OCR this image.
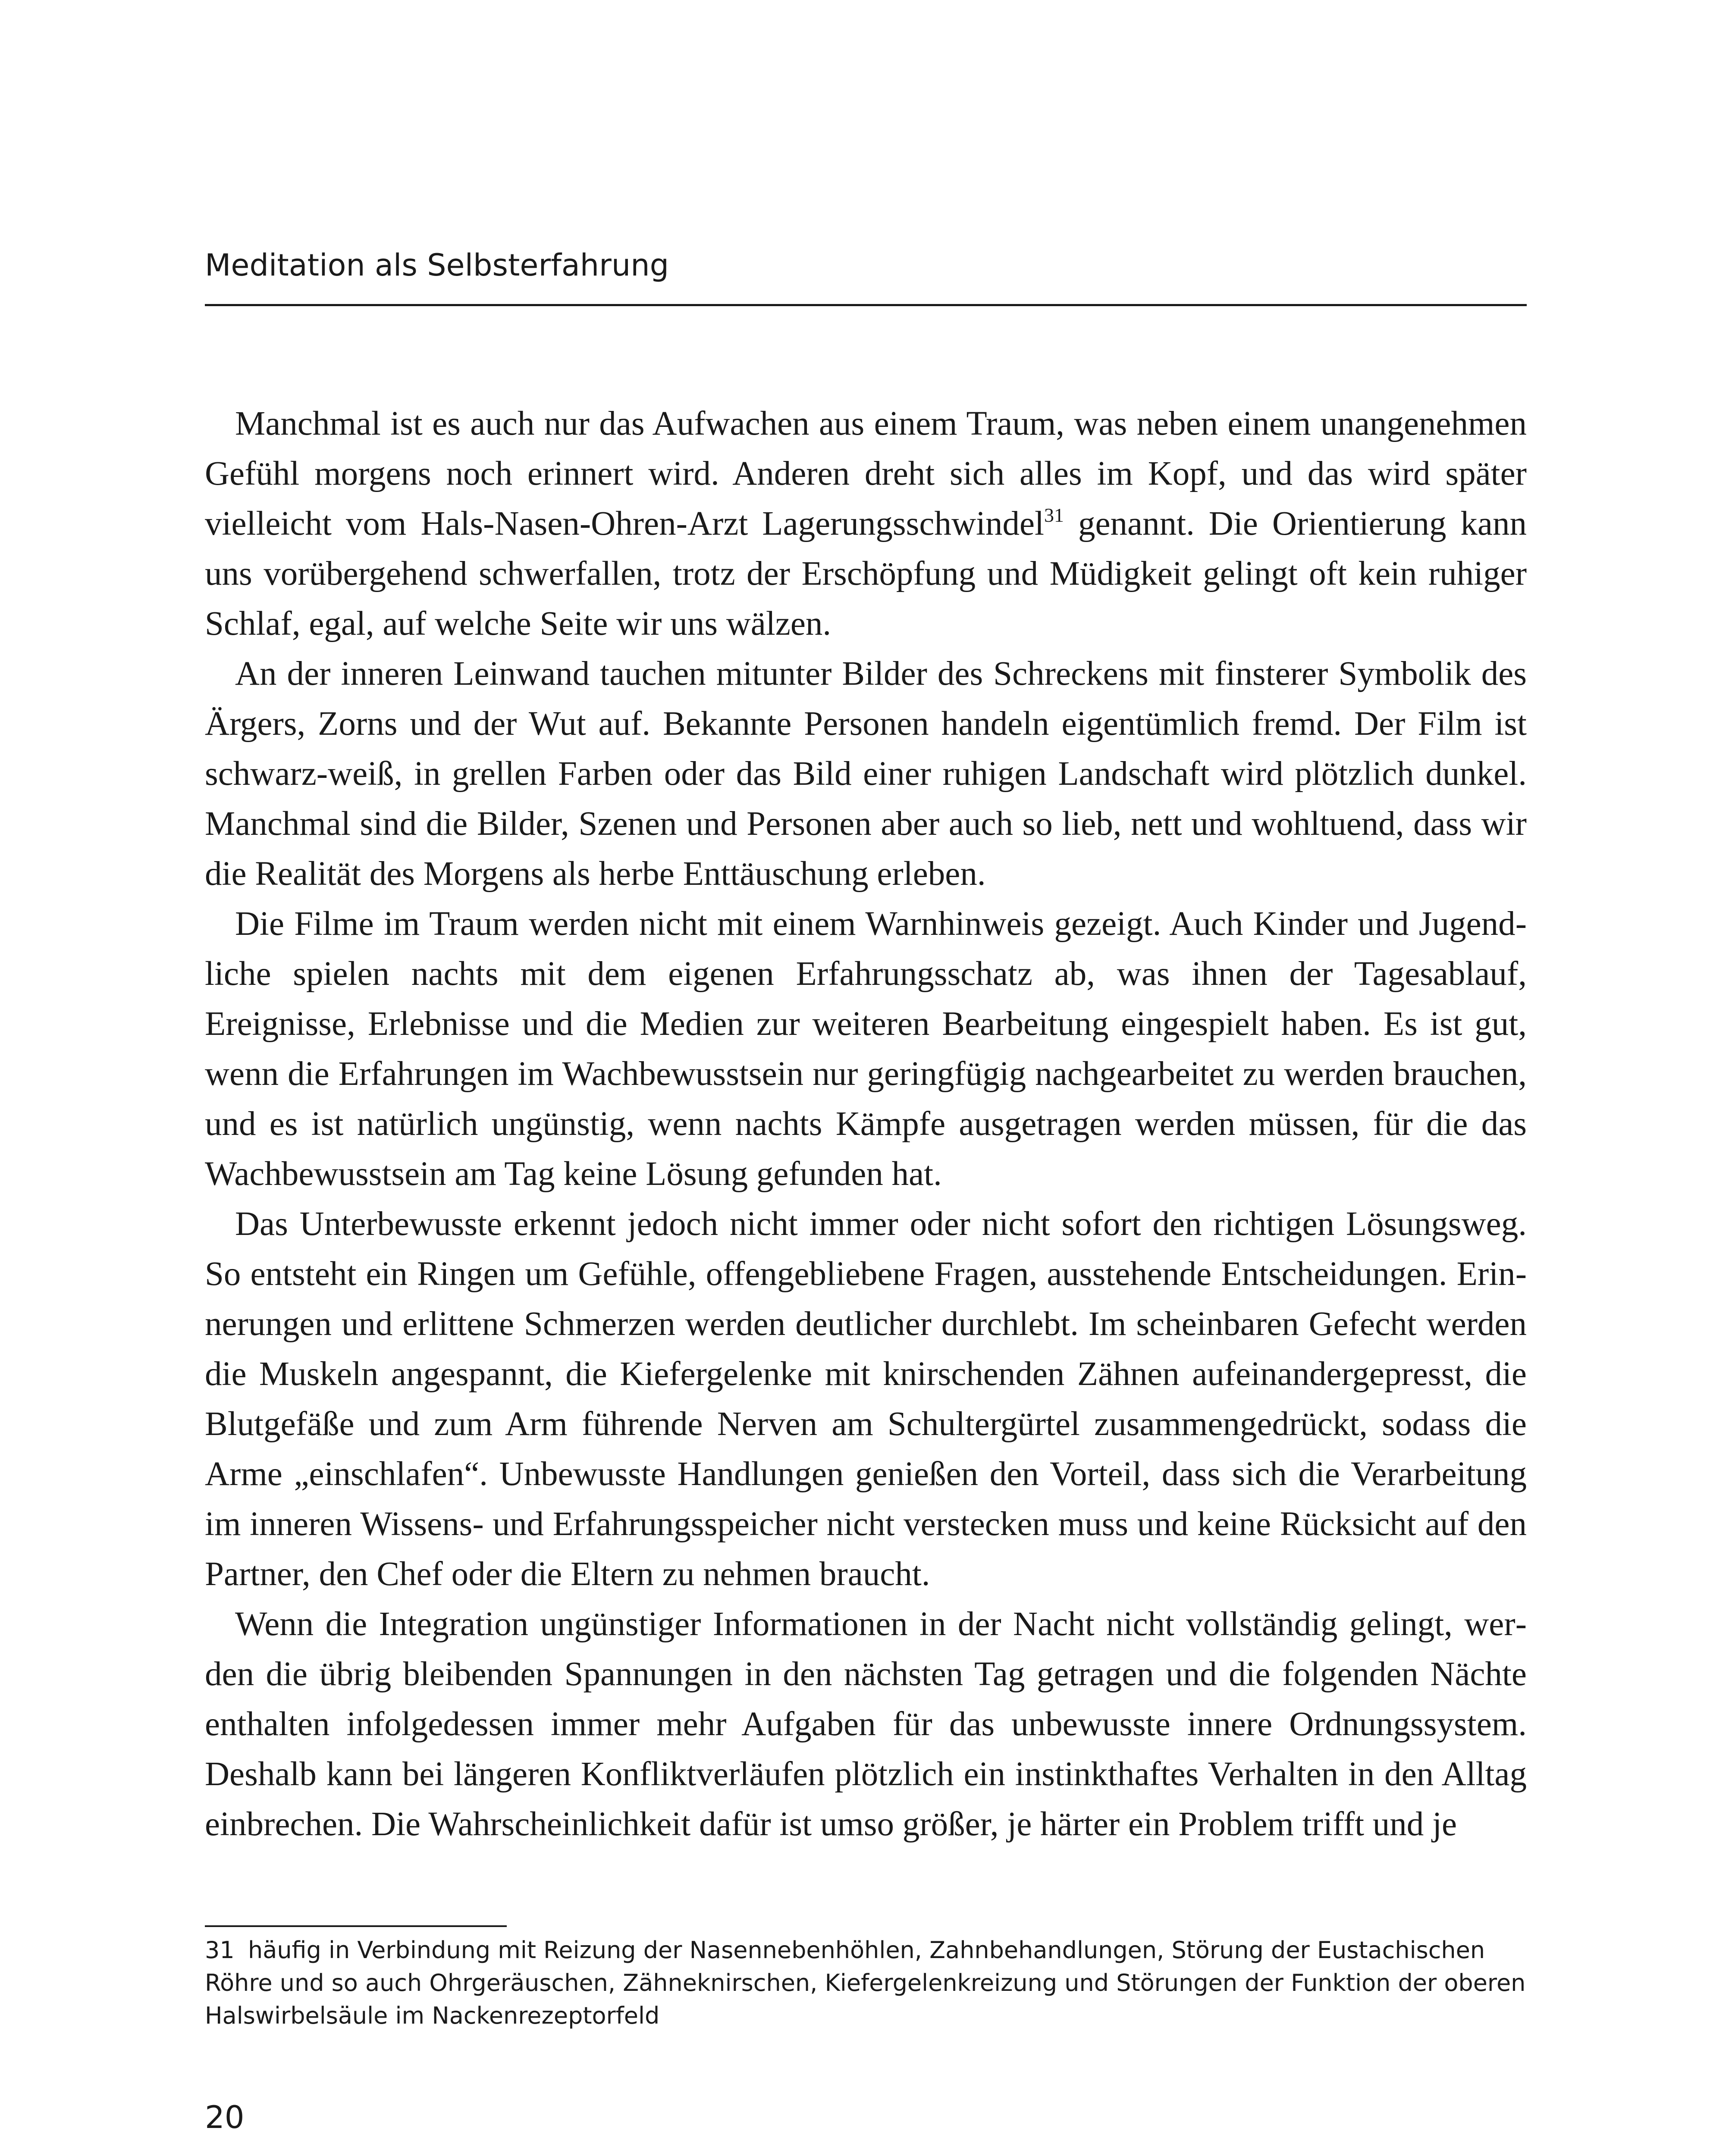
Meditation als Selbsterfahrung

Manchmal ist es auch nur das Aufwachen aus einem Traum, was neben einem unangenehmen Gefühl morgens noch erinnert wird. Anderen dreht sich alles im Kopf, und das wird später vielleicht vom Hals-Nasen-Ohren-Arzt Lagerungsschwindel$^{31}$ genannt. Die Orientierung kann uns vorübergehend schwerfallen, trotz der Erschöpfung und Müdigkeit gelingt oft kein ruhiger Schlaf, egal, auf welche Seite wir uns wälzen.

An der inneren Leinwand tauchen mitunter Bilder des Schreckens mit finsterer Symbolik des Ärgers, Zorns und der Wut auf. Bekannte Personen handeln eigentümlich fremd. Der Film ist schwarz-weiß, in grellen Farben oder das Bild einer ruhigen Landschaft wird plötzlich dunkel. Manchmal sind die Bilder, Szenen und Personen aber auch so lieb, nett und wohltuend, dass wir die Realität des Morgens als herbe Enttäuschung erleben.

Die Filme im Traum werden nicht mit einem Warnhinweis gezeigt. Auch Kinder und Jugendliche spielen nachts mit dem eigenen Erfahrungsschatz ab, was ihnen der Tagesablauf, Ereignisse, Erlebnisse und die Medien zur weiteren Bearbeitung eingespielt haben. Es ist gut, wenn die Erfahrungen im Wachbewusstsein nur geringfügig nachgearbeitet zu werden brauchen, und es ist natürlich ungünstig, wenn nachts Kämpfe ausgetragen werden müssen, für die das Wachbewusstsein am Tag keine Lösung gefunden hat.

Das Unterbewusste erkennt jedoch nicht immer oder nicht sofort den richtigen Lösungsweg. So entsteht ein Ringen um Gefühle, offengebliebene Fragen, ausstehende Entscheidungen. Erinnerungen und erlittene Schmerzen werden deutlicher durchlebt. Im scheinbaren Gefecht werden die Muskeln angespannt, die Kiefergelenke mit knirschenden Zähnen aufeinandergepresst, die Blutgefäße und zum Arm führende Nerven am Schultergürtel zusammengedrückt, sodass die Arme „einschlafen“. Unbewusste Handlungen genießen den Vorteil, dass sich die Verarbeitung im inneren Wissens- und Erfahrungsspeicher nicht verstecken muss und keine Rücksicht auf den Partner, den Chef oder die Eltern zu nehmen braucht.

Wenn die Integration ungünstiger Informationen in der Nacht nicht vollständig gelingt, werden die übrig bleibenden Spannungen in den nächsten Tag getragen und die folgenden Nächte enthalten infolgedessen immer mehr Aufgaben für das unbewusste innere Ordnungssystem. Deshalb kann bei längeren Konfliktverläufen plötzlich ein instinkthaftes Verhalten in den Alltag einbrechen. Die Wahrscheinlichkeit dafür ist umso größer, je härter ein Problem trifft und je

31 häufig in Verbindung mit Reizung der Nasennebenhöhlen, Zahnbehandlungen, Störung der Eustachischen Röhre und so auch Ohrgeräuschen, Zähneknirschen, Kiefergelenkreizung und Störungen der Funktion der oberen Halswirbelsäule im Nackenrezeptorfeld
20
